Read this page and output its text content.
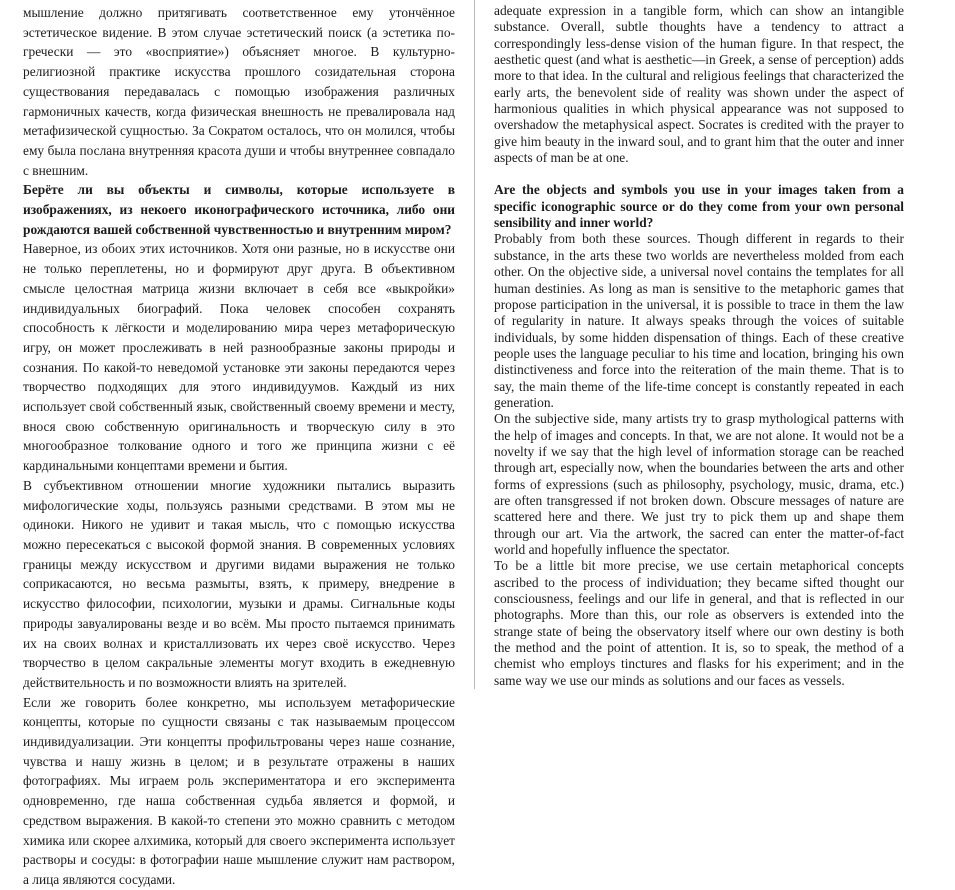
мышление должно притягивать соответственное ему утончённое эстетическое видение. В этом случае эстетический поиск (а эстетика по-гречески — это «восприятие») объясняет многое. В культурно-религиозной практике искусства прошлого созидательная сторона существования передавалась с помощью изображения различных гармоничных качеств, когда физическая внешность не превалировала над метафизической сущностью. За Сократом осталось, что он молился, чтобы ему была послана внутренняя красота души и чтобы внутреннее совпадало с внешним.

Берёте ли вы объекты и символы, которые используете в изображениях, из некоего иконографического источника, либо они рождаются вашей собственной чувственностью и внутренним миром?

Наверное, из обоих этих источников. Хотя они разные, но в искусстве они не только переплетены, но и формируют друг друга. В объективном смысле целостная матрица жизни включает в себя все «выкройки» индивидуальных биографий. Пока человек способен сохранять способность к лёгкости и моделированию мира через метафорическую игру, он может прослеживать в ней разнообразные законы природы и сознания. По какой-то неведомой установке эти законы передаются через творчество подходящих для этого индивидуумов. Каждый из них использует свой собственный язык, свойственный своему времени и месту, внося свою собственную оригинальность и творческую силу в это многообразное толкование одного и того же принципа жизни с её кардинальными концептами времени и бытия.

В субъективном отношении многие художники пытались выразить мифологические ходы, пользуясь разными средствами. В этом мы не одиноки. Никого не удивит и такая мысль, что с помощью искусства можно пересекаться с высокой формой знания. В современных условиях границы между искусством и другими видами выражения не только соприкасаются, но весьма размыты, взять, к примеру, внедрение в искусство философии, психологии, музыки и драмы. Сигнальные коды природы завуалированы везде и во всём. Мы просто пытаемся принимать их на своих волнах и кристаллизовать их через своё искусство. Через творчество в целом сакральные элементы могут входить в ежедневную действительность и по возможности влиять на зрителей.

Если же говорить более конкретно, мы используем метафорические концепты, которые по сущности связаны с так называемым процессом индивидуализации. Эти концепты профильтрованы через наше сознание, чувства и нашу жизнь в целом; и в результате отражены в наших фотографиях. Мы играем роль экспериментатора и его эксперимента одновременно, где наша собственная судьба является и формой, и средством выражения. В какой-то степени это можно сравнить с методом химика или скорее алхимика, который для своего эксперимента использует растворы и сосуды: в фотографии наше мышление служит нам раствором, а лица являются сосудами.

adequate expression in a tangible form, which can show an intangible substance. Overall, subtle thoughts have a tendency to attract a correspondingly less-dense vision of the human figure. In that respect, the aesthetic quest (and what is aesthetic—in Greek, a sense of perception) adds more to that idea. In the cultural and religious feelings that characterized the early arts, the benevolent side of reality was shown under the aspect of harmonious qualities in which physical appearance was not supposed to overshadow the metaphysical aspect. Socrates is credited with the prayer to give him beauty in the inward soul, and to grant him that the outer and inner aspects of man be at one.

Are the objects and symbols you use in your images taken from a specific iconographic source or do they come from your own personal sensibility and inner world?

Probably from both these sources. Though different in regards to their substance, in the arts these two worlds are nevertheless molded from each other. On the objective side, a universal novel contains the templates for all human destinies. As long as man is sensitive to the metaphoric games that propose participation in the universal, it is possible to trace in them the law of regularity in nature. It always speaks through the voices of suitable individuals, by some hidden dispensation of things. Each of these creative people uses the language peculiar to his time and location, bringing his own distinctiveness and force into the reiteration of the main theme. That is to say, the main theme of the life-time concept is constantly repeated in each generation.

On the subjective side, many artists try to grasp mythological patterns with the help of images and concepts. In that, we are not alone. It would not be a novelty if we say that the high level of information storage can be reached through art, especially now, when the boundaries between the arts and other forms of expressions (such as philosophy, psychology, music, drama, etc.) are often transgressed if not broken down. Obscure messages of nature are scattered here and there. We just try to pick them up and shape them through our art. Via the artwork, the sacred can enter the matter-of-fact world and hopefully influence the spectator.

To be a little bit more precise, we use certain metaphorical concepts ascribed to the process of individuation; they became sifted thought our consciousness, feelings and our life in general, and that is reflected in our photographs. More than this, our role as observers is extended into the strange state of being the observatory itself where our own destiny is both the method and the point of attention. It is, so to speak, the method of a chemist who employs tinctures and flasks for his experiment; and in the same way we use our minds as solutions and our faces as vessels.
